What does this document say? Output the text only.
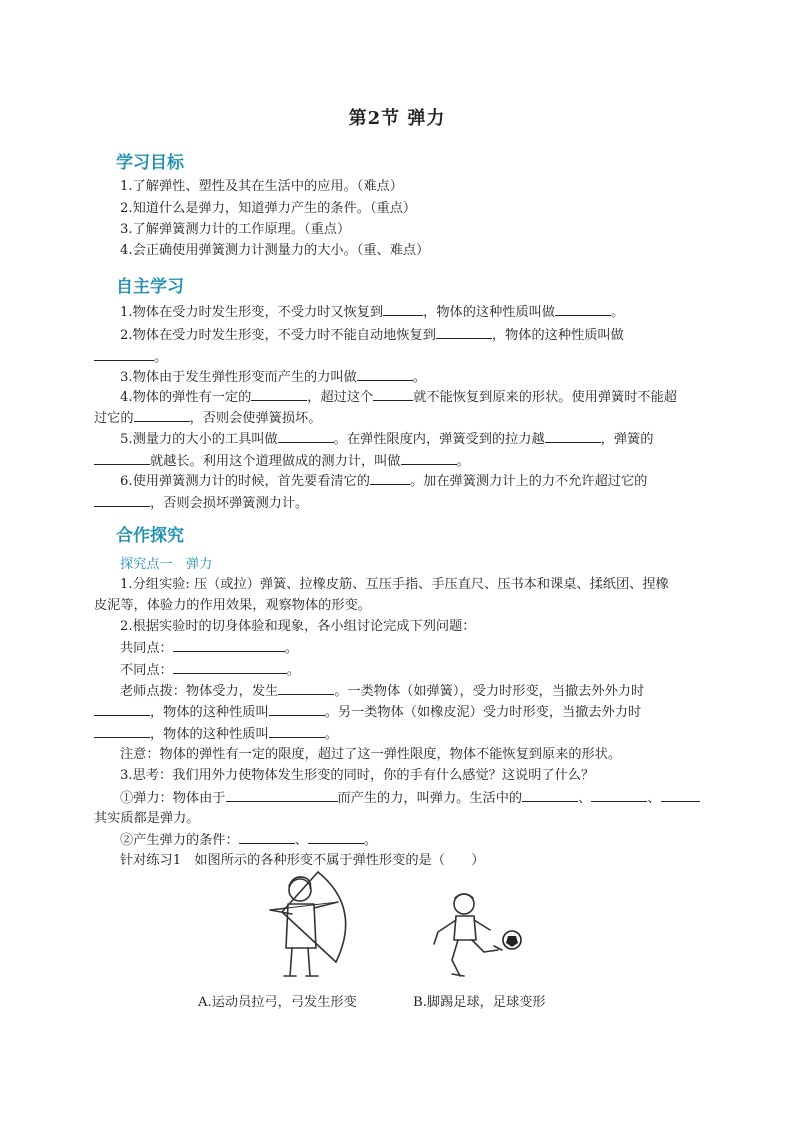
第2节 弹力
学习目标
1.了解弹性、塑性及其在生活中的应用。（难点）
2.知道什么是弹力，知道弹力产生的条件。（重点）
3.了解弹簧测力计的工作原理。（重点）
4.会正确使用弹簧测力计测量力的大小。（重、难点）
自主学习
1.物体在受力时发生形变，不受力时又恢复到	，物体的这种性质叫做	。
2.物体在受力时发生形变，不受力时不能自动地恢复到	，物体的这种性质叫做
。
3.物体由于发生弹性形变而产生的力叫做	。
4.物体的弹性有一定的	，超过这个	就不能恢复到原来的形状。使用弹簧时不能超
过它的	，否则会使弹簧损坏。
5.测量力的大小的工具叫做	。在弹性限度内，弹簧受到的拉力越	，弹簧的
就越长。利用这个道理做成的测力计，叫做	。
6.使用弹簧测力计的时候，首先要看清它的	。加在弹簧测力计上的力不允许超过它的
，否则会损坏弹簧测力计。
合作探究
探究点一　弹力
1.分组实验: 压（或拉）弹簧、拉橡皮筋、互压手指、手压直尺、压书本和课桌、揉纸团、捏橡
皮泥等，体验力的作用效果，观察物体的形变。
2.根据实验时的切身体验和现象，各小组讨论完成下列问题：
共同点：	。
不同点：	。
老师点拨：物体受力，发生	。一类物体（如弹簧），受力时形变，当撤去外外力时
，物体的这种性质叫	。另一类物体（如橡皮泥）受力时形变，当撤去外力时
，物体的这种性质叫	。
注意：物体的弹性有一定的限度，超过了这一弹性限度，物体不能恢复到原来的形状。
3.思考：我们用外力使物体发生形变的同时，你的手有什么感觉？这说明了什么？
①弹力：物体由于	而产生的力，叫弹力。生活中的	、	、
其实质都是弹力。
②产生弹力的条件：	、	。
针对练习1　如图所示的各种形变不属于弹性形变的是（　　）
A.运动员拉弓，弓发生形变	B.脚踢足球，足球变形
